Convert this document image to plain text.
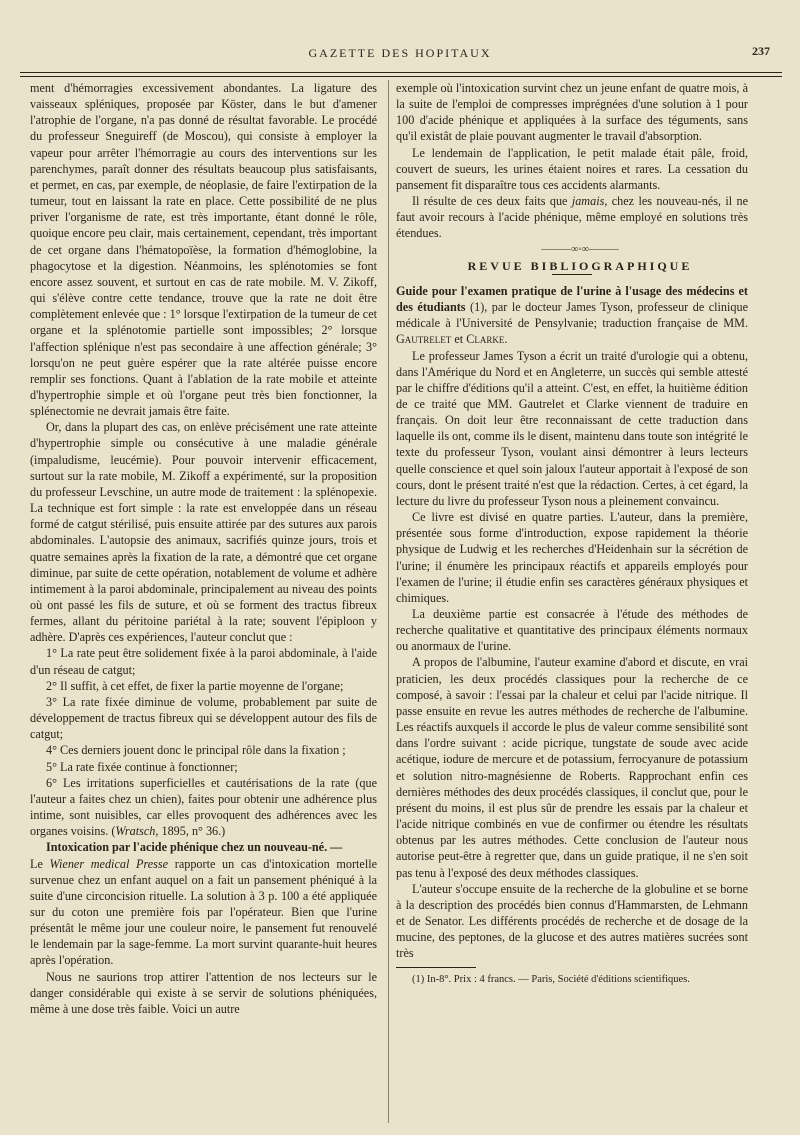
GAZETTE DES HOPITAUX	237

ment d'hémorragies excessivement abondantes. La ligature des vaisseaux spléniques, proposée par Köster, dans le but d'amener l'atrophie de l'organe, n'a pas donné de résultat favorable. Le procédé du professeur Sneguireff (de Moscou), qui consiste à employer la vapeur pour arrêter l'hémorragie au cours des interventions sur les parenchymes, paraît donner des résultats beaucoup plus satisfaisants, et permet, en cas, par exemple, de néoplasie, de faire l'extirpation de la tumeur, tout en laissant la rate en place. Cette possibilité de ne plus priver l'organisme de rate, est très importante, étant donné le rôle, quoique encore peu clair, mais certainement, cependant, très important de cet organe dans l'hématopoïèse, la formation d'hémoglobine, la phagocytose et la digestion. Néanmoins, les splénotomies se font encore assez souvent, et surtout en cas de rate mobile. M. V. Zikoff, qui s'élève contre cette tendance, trouve que la rate ne doit être complètement enlevée que : 1° lorsque l'extirpation de la tumeur de cet organe et la splénotomie partielle sont impossibles; 2° lorsque l'affection splénique n'est pas secondaire à une affection générale; 3° lorsqu'on ne peut guère espérer que la rate altérée puisse encore remplir ses fonctions. Quant à l'ablation de la rate mobile et atteinte d'hypertrophie simple et où l'organe peut très bien fonctionner, la splénectomie ne devrait jamais être faite.

Or, dans la plupart des cas, on enlève précisément une rate atteinte d'hypertrophie simple ou consécutive à une maladie générale (impaludisme, leucémie). Pour pouvoir intervenir efficacement, surtout sur la rate mobile, M. Zikoff a expérimenté, sur la proposition du professeur Levschine, un autre mode de traitement : la splénopexie. La technique est fort simple : la rate est enveloppée dans un réseau formé de catgut stérilisé, puis ensuite attirée par des sutures aux parois abdominales. L'autopsie des animaux, sacrifiés quinze jours, trois et quatre semaines après la fixation de la rate, a démontré que cet organe diminue, par suite de cette opération, notablement de volume et adhère intimement à la paroi abdominale, principalement au niveau des points où ont passé les fils de suture, et où se forment des tractus fibreux fermes, allant du péritoine pariétal à la rate; souvent l'épiploon y adhère. D'après ces expériences, l'auteur conclut que :

1° La rate peut être solidement fixée à la paroi abdominale, à l'aide d'un réseau de catgut;

2° Il suffit, à cet effet, de fixer la partie moyenne de l'organe;

3° La rate fixée diminue de volume, probablement par suite de développement de tractus fibreux qui se développent autour des fils de catgut;

4° Ces derniers jouent donc le principal rôle dans la fixation ;

5° La rate fixée continue à fonctionner;

6° Les irritations superficielles et cautérisations de la rate (que l'auteur a faites chez un chien), faites pour obtenir une adhérence plus intime, sont nuisibles, car elles provoquent des adhérences avec les organes voisins. (Wratsch, 1895, n° 36.)

Intoxication par l'acide phénique chez un nouveau-né. —

Le Wiener medical Presse rapporte un cas d'intoxication mortelle survenue chez un enfant auquel on a fait un pansement phéniqué à la suite d'une circoncision rituelle. La solution à 3 p. 100 a été appliquée sur du coton une première fois par l'opérateur. Bien que l'urine présentât le même jour une couleur noire, le pansement fut renouvelé le lendemain par la sage-femme. La mort survint quarante-huit heures après l'opération.

Nous ne saurions trop attirer l'attention de nos lecteurs sur le danger considérable qui existe à se servir de solutions phéniquées, même à une dose très faible. Voici un autre

exemple où l'intoxication survint chez un jeune enfant de quatre mois, à la suite de l'emploi de compresses imprégnées d'une solution à 1 pour 100 d'acide phénique et appliquées à la surface des téguments, sans qu'il existât de plaie pouvant augmenter le travail d'absorption.

Le lendemain de l'application, le petit malade était pâle, froid, couvert de sueurs, les urines étaient noires et rares. La cessation du pansement fit disparaître tous ces accidents alarmants.

Il résulte de ces deux faits que jamais, chez les nouveau-nés, il ne faut avoir recours à l'acide phénique, même employé en solutions très étendues.

———∞◦∞———

REVUE BIBLIOGRAPHIQUE

Guide pour l'examen pratique de l'urine à l'usage des médecins et des étudiants (1), par le docteur James Tyson, professeur de clinique médicale à l'Université de Pensylvanie; traduction française de MM. Gautrelet et Clarke.

Le professeur James Tyson a écrit un traité d'urologie qui a obtenu, dans l'Amérique du Nord et en Angleterre, un succès qui semble attesté par le chiffre d'éditions qu'il a atteint. C'est, en effet, la huitième édition de ce traité que MM. Gautrelet et Clarke viennent de traduire en français. On doit leur être reconnaissant de cette traduction dans laquelle ils ont, comme ils le disent, maintenu dans toute son intégrité le texte du professeur Tyson, voulant ainsi démontrer à leurs lecteurs quelle conscience et quel soin jaloux l'auteur apportait à l'exposé de son cours, dont le présent traité n'est que la rédaction. Certes, à cet égard, la lecture du livre du professeur Tyson nous a pleinement convaincu.

Ce livre est divisé en quatre parties. L'auteur, dans la première, présentée sous forme d'introduction, expose rapidement la théorie physique de Ludwig et les recherches d'Heidenhain sur la sécrétion de l'urine; il énumère les principaux réactifs et appareils employés pour l'examen de l'urine; il étudie enfin ses caractères généraux physiques et chimiques.

La deuxième partie est consacrée à l'étude des méthodes de recherche qualitative et quantitative des principaux éléments normaux ou anormaux de l'urine.

A propos de l'albumine, l'auteur examine d'abord et discute, en vrai praticien, les deux procédés classiques pour la recherche de ce composé, à savoir : l'essai par la chaleur et celui par l'acide nitrique. Il passe ensuite en revue les autres méthodes de recherche de l'albumine. Les réactifs auxquels il accorde le plus de valeur comme sensibilité sont dans l'ordre suivant : acide picrique, tungstate de soude avec acide acétique, iodure de mercure et de potassium, ferrocyanure de potassium et solution nitro-magnésienne de Roberts. Rapprochant enfin ces dernières méthodes des deux procédés classiques, il conclut que, pour le présent du moins, il est plus sûr de prendre les essais par la chaleur et l'acide nitrique combinés en vue de confirmer ou étendre les résultats obtenus par les autres méthodes. Cette conclusion de l'auteur nous autorise peut-être à regretter que, dans un guide pratique, il ne s'en soit pas tenu à l'exposé des deux méthodes classiques.

L'auteur s'occupe ensuite de la recherche de la globuline et se borne à la description des procédés bien connus d'Hammarsten, de Lehmann et de Senator. Les différents procédés de recherche et de dosage de la mucine, des peptones, de la glucose et des autres matières sucrées sont très

(1) In-8°. Prix : 4 francs. — Paris, Société d'éditions scientifiques.
